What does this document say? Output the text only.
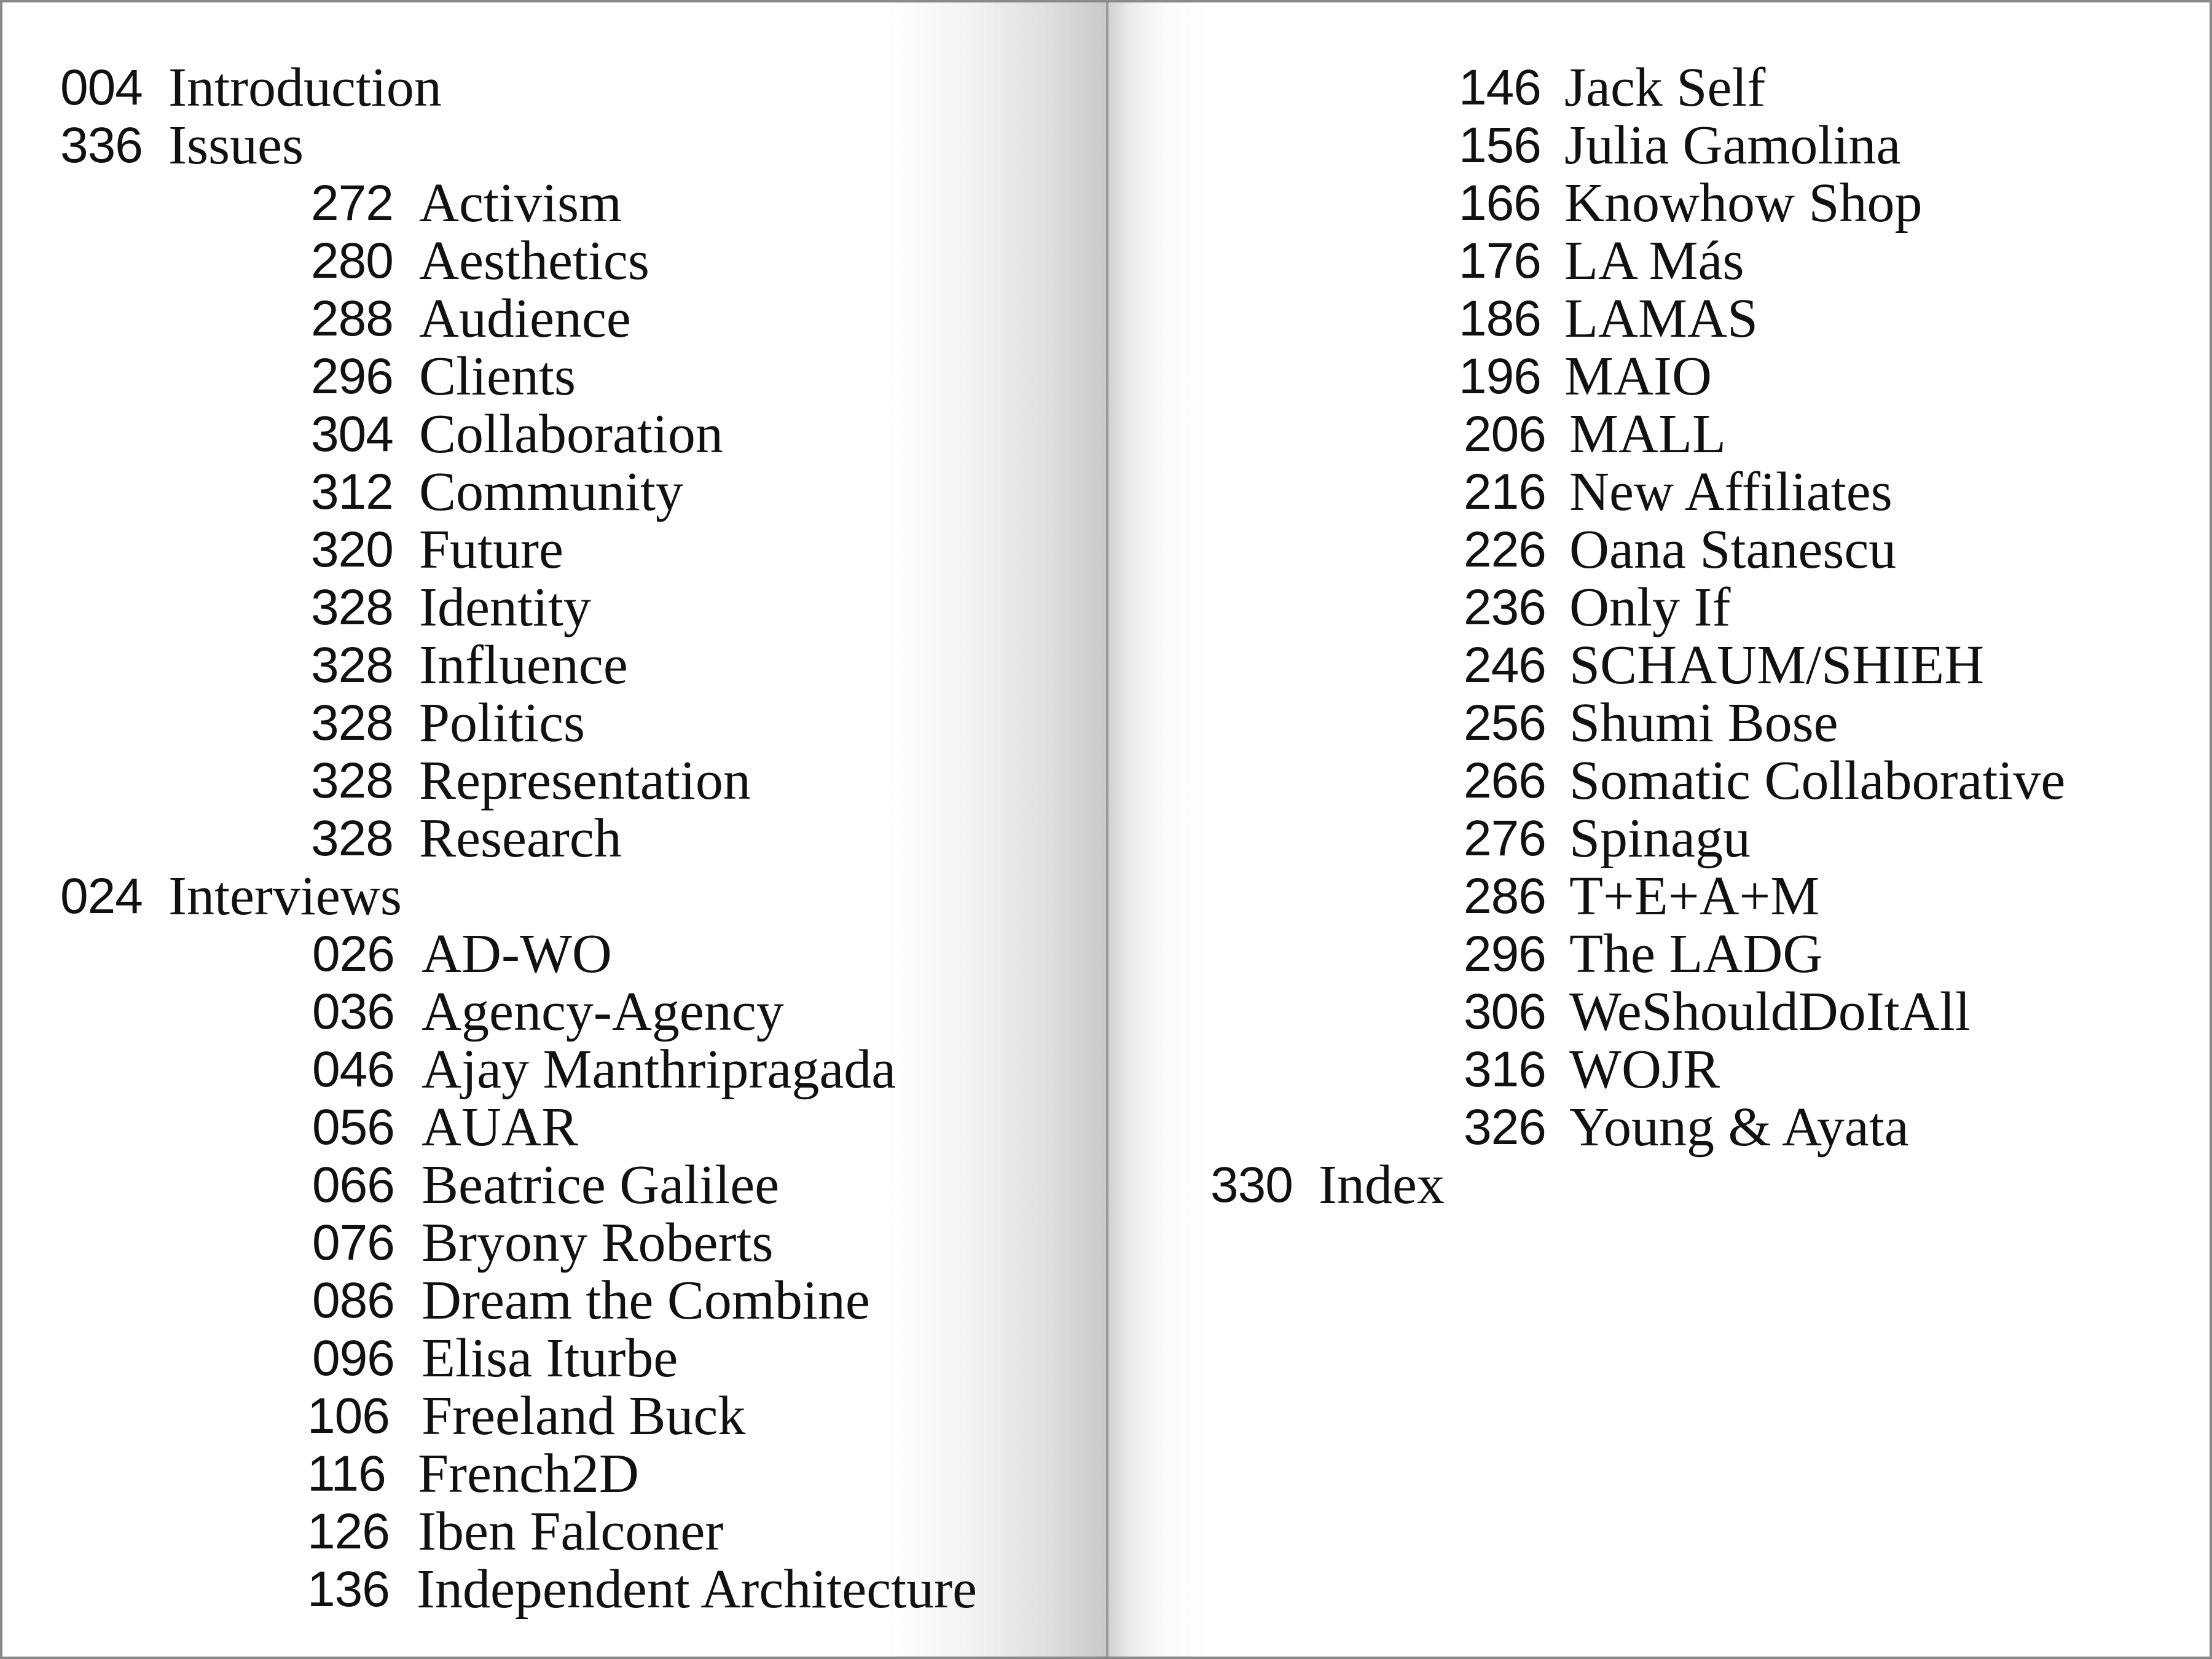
004 Introduction
336 Issues
272 Activism
280 Aesthetics
288 Audience
296 Clients
304 Collaboration
312 Community
320 Future
328 Identity
328 Influence
328 Politics
328 Representation
328 Research
024 Interviews
026 AD-WO
036 Agency-Agency
046 Ajay Manthripragada
056 AUAR
066 Beatrice Galilee
076 Bryony Roberts
086 Dream the Combine
096 Elisa Iturbe
106 Freeland Buck
116 French2D
126 Iben Falconer
136 Independent Architecture
146 Jack Self
156 Julia Gamolina
166 Knowhow Shop
176 LA Más
186 LAMAS
196 MAIO
206 MALL
216 New Affiliates
226 Oana Stanescu
236 Only If
246 SCHAUM/SHIEH
256 Shumi Bose
266 Somatic Collaborative
276 Spinagu
286 T+E+A+M
296 The LADG
306 WeShouldDoItAll
316 WOJR
326 Young & Ayata
330 Index
